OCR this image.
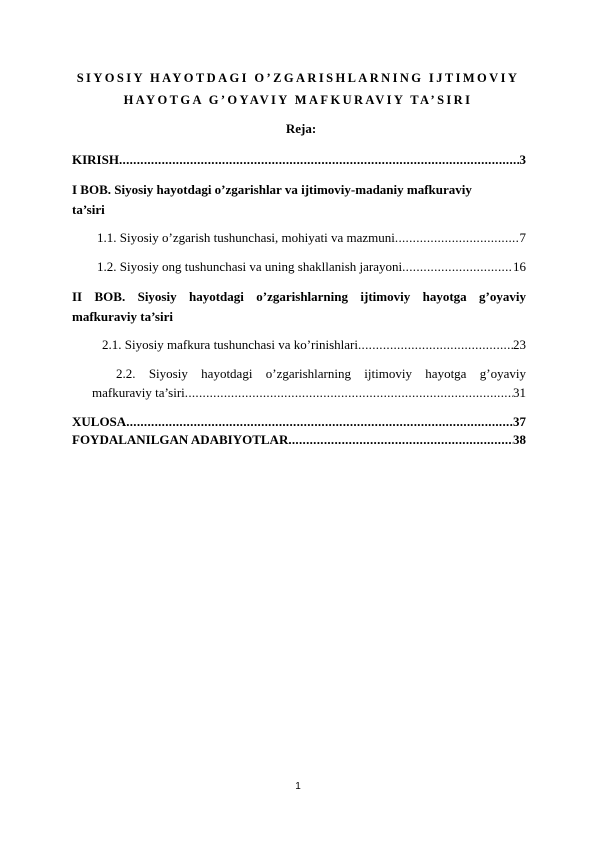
SIYOSIY HAYOTDAGI O’ZGARISHLARNING IJTIMOVIY
HAYOTGA G’OYAVIY MAFKURAVIY TA’SIRI
Reja:
KIRISH .....	3
I BOB. Siyosiy hayotdagi o’zgarishlar va ijtimoviy-madaniy mafkuraviy
ta’siri
1.1. Siyosiy o’zgarish tushunchasi, mohiyati va mazmuni .....	7
1.2. Siyosiy ong tushunchasi va uning shakllanish jarayoni .....	16
II BOB. Siyosiy hayotdagi o’zgarishlarning ijtimoviy hayotga g’oyaviy
mafkuraviy ta’siri
2.1. Siyosiy mafkura tushunchasi va ko’rinishlari .....	23
2.2. Siyosiy hayotdagi o’zgarishlarning ijtimoviy hayotga g’oyaviy
mafkuraviy ta’siri .....	31
XULOSA .....	37
FOYDALANILGAN ADABIYOTLAR .....	38
1
